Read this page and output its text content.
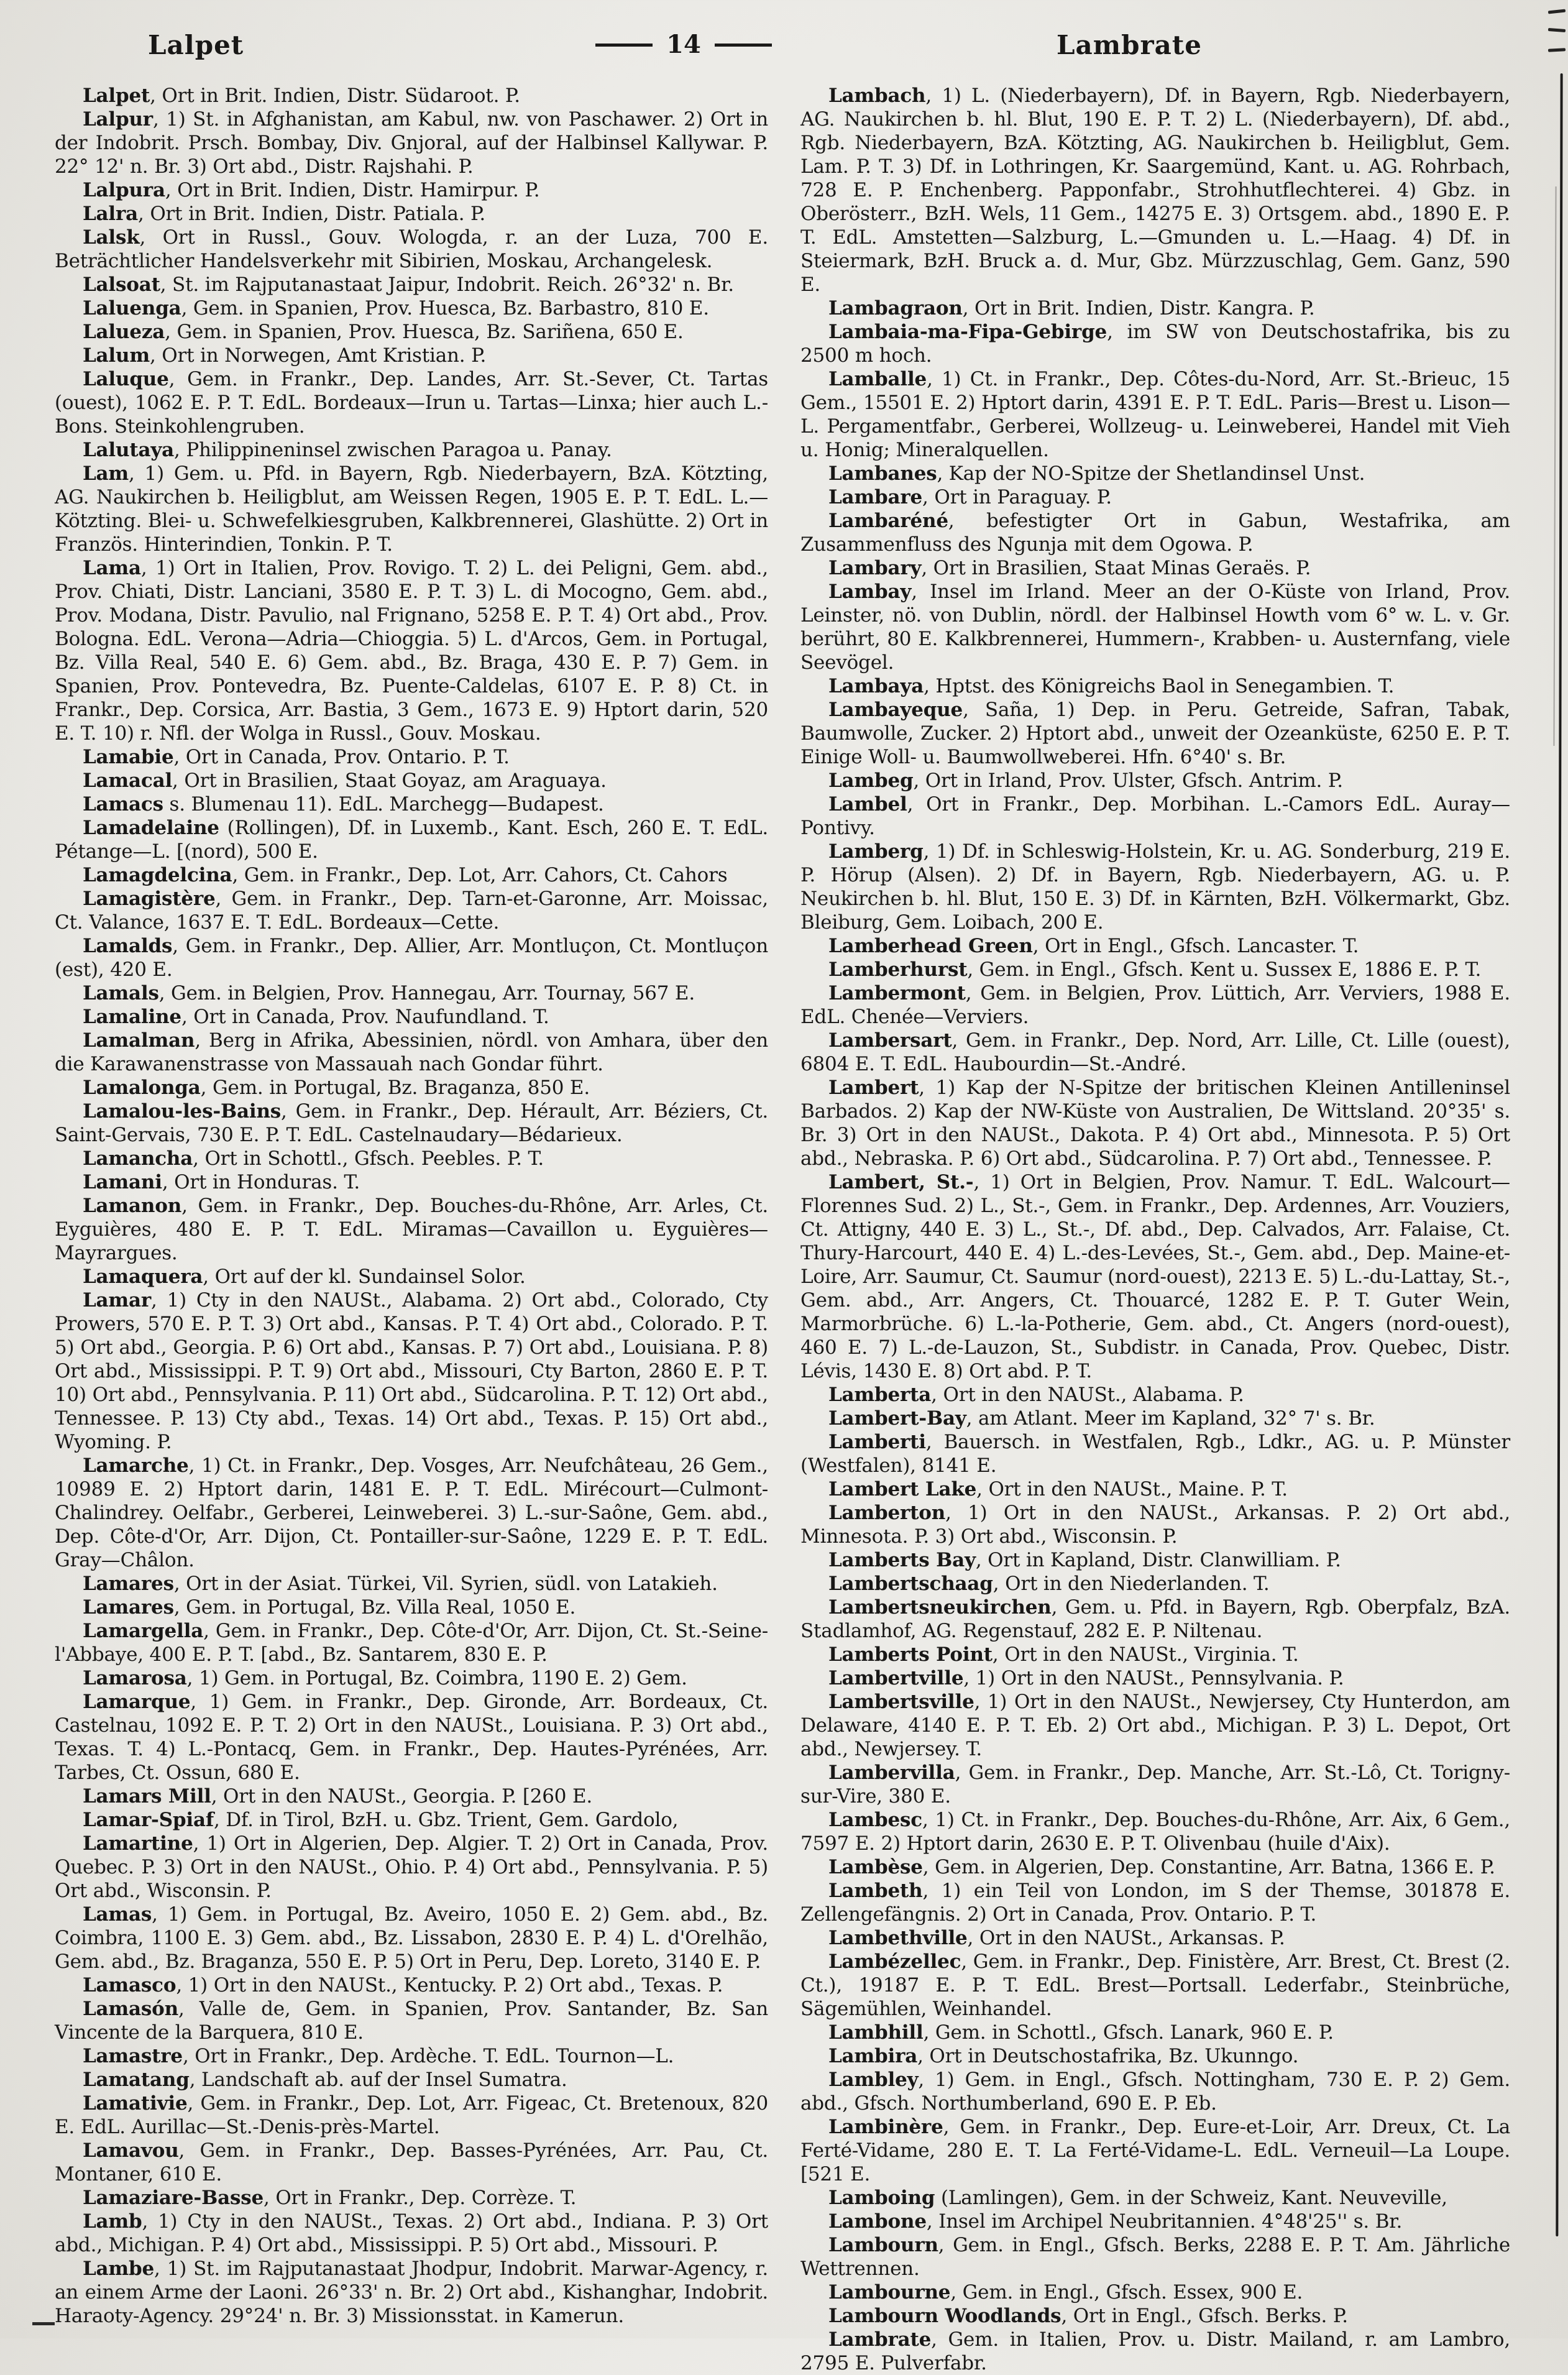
Lalpet	14	Lambrate

Lalpet, Ort in Brit. Indien, Distr. Südaroot. P.

Lalpur, 1) St. in Afghanistan, am Kabul, nw. von Paschawer. 2) Ort in der Indobrit. Prsch. Bombay, Div. Gnjoral, auf der Halbinsel Kallywar. P. 22° 12' n. Br. 3) Ort abd., Distr. Rajshahi. P.

Lalpura, Ort in Brit. Indien, Distr. Hamirpur. P.

Lalra, Ort in Brit. Indien, Distr. Patiala. P.

Lalsk, Ort in Russl., Gouv. Wologda, r. an der Luza, 700 E. Beträchtlicher Handelsverkehr mit Sibirien, Moskau, Archangelesk.

Lalsoat, St. im Rajputanastaat Jaipur, Indobrit. Reich. 26°32' n. Br.

Laluenga, Gem. in Spanien, Prov. Huesca, Bz. Barbastro, 810 E.

Lalueza, Gem. in Spanien, Prov. Huesca, Bz. Sariñena, 650 E.

Lalum, Ort in Norwegen, Amt Kristian. P.

Laluque, Gem. in Frankr., Dep. Landes, Arr. St.-Sever, Ct. Tartas (ouest), 1062 E. P. T. EdL. Bordeaux—Irun u. Tartas—Linxa; hier auch L.-Bons. Steinkohlengruben.

Lalutaya, Philippineninsel zwischen Paragoa u. Panay.

Lam, 1) Gem. u. Pfd. in Bayern, Rgb. Niederbayern, BzA. Kötzting, AG. Naukirchen b. Heiligblut, am Weissen Regen, 1905 E. P. T. EdL. L.—Kötzting. Blei- u. Schwefelkiesgruben, Kalkbrennerei, Glashütte. 2) Ort in Französ. Hinterindien, Tonkin. P. T.

Lama, 1) Ort in Italien, Prov. Rovigo. T. 2) L. dei Peligni, Gem. abd., Prov. Chiati, Distr. Lanciani, 3580 E. P. T. 3) L. di Mocogno, Gem. abd., Prov. Modana, Distr. Pavulio, nal Frignano, 5258 E. P. T. 4) Ort abd., Prov. Bologna. EdL. Verona—Adria—Chioggia. 5) L. d'Arcos, Gem. in Portugal, Bz. Villa Real, 540 E. 6) Gem. abd., Bz. Braga, 430 E. P. 7) Gem. in Spanien, Prov. Pontevedra, Bz. Puente-Caldelas, 6107 E. P. 8) Ct. in Frankr., Dep. Corsica, Arr. Bastia, 3 Gem., 1673 E. 9) Hptort darin, 520 E. T. 10) r. Nfl. der Wolga in Russl., Gouv. Moskau.

Lamabie, Ort in Canada, Prov. Ontario. P. T.

Lamacal, Ort in Brasilien, Staat Goyaz, am Araguaya.

Lamacs s. Blumenau 11). EdL. Marchegg—Budapest.

Lamadelaine (Rollingen), Df. in Luxemb., Kant. Esch, 260 E. T. EdL. Pétange—L. [(nord), 500 E.

Lamagdelcina, Gem. in Frankr., Dep. Lot, Arr. Cahors, Ct. Cahors

Lamagistère, Gem. in Frankr., Dep. Tarn-et-Garonne, Arr. Moissac, Ct. Valance, 1637 E. T. EdL. Bordeaux—Cette.

Lamalds, Gem. in Frankr., Dep. Allier, Arr. Montluçon, Ct. Montluçon (est), 420 E.

Lamals, Gem. in Belgien, Prov. Hannegau, Arr. Tournay, 567 E.

Lamaline, Ort in Canada, Prov. Naufundland. T.

Lamalman, Berg in Afrika, Abessinien, nördl. von Amhara, über den die Karawanenstrasse von Massauah nach Gondar führt.

Lamalonga, Gem. in Portugal, Bz. Braganza, 850 E.

Lamalou-les-Bains, Gem. in Frankr., Dep. Hérault, Arr. Béziers, Ct. Saint-Gervais, 730 E. P. T. EdL. Castelnaudary—Bédarieux.

Lamancha, Ort in Schottl., Gfsch. Peebles. P. T.

Lamani, Ort in Honduras. T.

Lamanon, Gem. in Frankr., Dep. Bouches-du-Rhône, Arr. Arles, Ct. Eyguières, 480 E. P. T. EdL. Miramas—Cavaillon u. Eyguières—Mayrargues.

Lamaquera, Ort auf der kl. Sundainsel Solor.

Lamar, 1) Cty in den NAUSt., Alabama. 2) Ort abd., Colorado, Cty Prowers, 570 E. P. T. 3) Ort abd., Kansas. P. T. 4) Ort abd., Colorado. P. T. 5) Ort abd., Georgia. P. 6) Ort abd., Kansas. P. 7) Ort abd., Louisiana. P. 8) Ort abd., Mississippi. P. T. 9) Ort abd., Missouri, Cty Barton, 2860 E. P. T. 10) Ort abd., Pennsylvania. P. 11) Ort abd., Südcarolina. P. T. 12) Ort abd., Tennessee. P. 13) Cty abd., Texas. 14) Ort abd., Texas. P. 15) Ort abd., Wyoming. P.

Lamarche, 1) Ct. in Frankr., Dep. Vosges, Arr. Neufchâteau, 26 Gem., 10989 E. 2) Hptort darin, 1481 E. P. T. EdL. Mirécourt—Culmont-Chalindrey. Oelfabr., Gerberei, Leinweberei. 3) L.-sur-Saône, Gem. abd., Dep. Côte-d'Or, Arr. Dijon, Ct. Pontailler-sur-Saône, 1229 E. P. T. EdL. Gray—Châlon.

Lamares, Ort in der Asiat. Türkei, Vil. Syrien, südl. von Latakieh.

Lamares, Gem. in Portugal, Bz. Villa Real, 1050 E.

Lamargella, Gem. in Frankr., Dep. Côte-d'Or, Arr. Dijon, Ct. St.-Seine-l'Abbaye, 400 E. P. T. [abd., Bz. Santarem, 830 E. P.

Lamarosa, 1) Gem. in Portugal, Bz. Coimbra, 1190 E. 2) Gem.

Lamarque, 1) Gem. in Frankr., Dep. Gironde, Arr. Bordeaux, Ct. Castelnau, 1092 E. P. T. 2) Ort in den NAUSt., Louisiana. P. 3) Ort abd., Texas. T. 4) L.-Pontacq, Gem. in Frankr., Dep. Hautes-Pyrénées, Arr. Tarbes, Ct. Ossun, 680 E.

Lamars Mill, Ort in den NAUSt., Georgia. P. [260 E.

Lamar-Spiaf, Df. in Tirol, BzH. u. Gbz. Trient, Gem. Gardolo,

Lamartine, 1) Ort in Algerien, Dep. Algier. T. 2) Ort in Canada, Prov. Quebec. P. 3) Ort in den NAUSt., Ohio. P. 4) Ort abd., Pennsylvania. P. 5) Ort abd., Wisconsin. P.

Lamas, 1) Gem. in Portugal, Bz. Aveiro, 1050 E. 2) Gem. abd., Bz. Coimbra, 1100 E. 3) Gem. abd., Bz. Lissabon, 2830 E. P. 4) L. d'Orelhão, Gem. abd., Bz. Braganza, 550 E. P. 5) Ort in Peru, Dep. Loreto, 3140 E. P.

Lamasco, 1) Ort in den NAUSt., Kentucky. P. 2) Ort abd., Texas. P.

Lamasón, Valle de, Gem. in Spanien, Prov. Santander, Bz. San Vincente de la Barquera, 810 E.

Lamastre, Ort in Frankr., Dep. Ardèche. T. EdL. Tournon—L.

Lamatang, Landschaft ab. auf der Insel Sumatra.

Lamativie, Gem. in Frankr., Dep. Lot, Arr. Figeac, Ct. Bretenoux, 820 E. EdL. Aurillac—St.-Denis-près-Martel.

Lamavou, Gem. in Frankr., Dep. Basses-Pyrénées, Arr. Pau, Ct. Montaner, 610 E.

Lamaziare-Basse, Ort in Frankr., Dep. Corrèze. T.

Lamb, 1) Cty in den NAUSt., Texas. 2) Ort abd., Indiana. P. 3) Ort abd., Michigan. P. 4) Ort abd., Mississippi. P. 5) Ort abd., Missouri. P.

Lambe, 1) St. im Rajputanastaat Jhodpur, Indobrit. Marwar-Agency, r. an einem Arme der Laoni. 26°33' n. Br. 2) Ort abd., Kishanghar, Indobrit. Haraoty-Agency. 29°24' n. Br. 3) Missionsstat. in Kamerun.

Lambach, 1) L. (Niederbayern), Df. in Bayern, Rgb. Niederbayern, AG. Naukirchen b. hl. Blut, 190 E. P. T. 2) L. (Niederbayern), Df. abd., Rgb. Niederbayern, BzA. Kötzting, AG. Naukirchen b. Heiligblut, Gem. Lam. P. T. 3) Df. in Lothringen, Kr. Saargemünd, Kant. u. AG. Rohrbach, 728 E. P. Enchenberg. Papponfabr., Strohhutflechterei. 4) Gbz. in Oberösterr., BzH. Wels, 11 Gem., 14275 E. 3) Ortsgem. abd., 1890 E. P. T. EdL. Amstetten—Salzburg, L.—Gmunden u. L.—Haag. 4) Df. in Steiermark, BzH. Bruck a. d. Mur, Gbz. Mürzzuschlag, Gem. Ganz, 590 E.

Lambagraon, Ort in Brit. Indien, Distr. Kangra. P.

Lambaia-ma-Fipa-Gebirge, im SW von Deutschostafrika, bis zu 2500 m hoch.

Lamballe, 1) Ct. in Frankr., Dep. Côtes-du-Nord, Arr. St.-Brieuc, 15 Gem., 15501 E. 2) Hptort darin, 4391 E. P. T. EdL. Paris—Brest u. Lison—L. Pergamentfabr., Gerberei, Wollzeug- u. Leinweberei, Handel mit Vieh u. Honig; Mineralquellen.

Lambanes, Kap der NO-Spitze der Shetlandinsel Unst.

Lambare, Ort in Paraguay. P.

Lambaréné, befestigter Ort in Gabun, Westafrika, am Zusammenfluss des Ngunja mit dem Ogowa. P.

Lambary, Ort in Brasilien, Staat Minas Geraës. P.

Lambay, Insel im Irland. Meer an der O-Küste von Irland, Prov. Leinster, nö. von Dublin, nördl. der Halbinsel Howth vom 6° w. L. v. Gr. berührt, 80 E. Kalkbrennerei, Hummern-, Krabben- u. Austernfang, viele Seevögel.

Lambaya, Hptst. des Königreichs Baol in Senegambien. T.

Lambayeque, Saña, 1) Dep. in Peru. Getreide, Safran, Tabak, Baumwolle, Zucker. 2) Hptort abd., unweit der Ozeanküste, 6250 E. P. T. Einige Woll- u. Baumwollweberei. Hfn. 6°40' s. Br.

Lambeg, Ort in Irland, Prov. Ulster, Gfsch. Antrim. P.

Lambel, Ort in Frankr., Dep. Morbihan. L.-Camors EdL. Auray—Pontivy.

Lamberg, 1) Df. in Schleswig-Holstein, Kr. u. AG. Sonderburg, 219 E. P. Hörup (Alsen). 2) Df. in Bayern, Rgb. Niederbayern, AG. u. P. Neukirchen b. hl. Blut, 150 E. 3) Df. in Kärnten, BzH. Völkermarkt, Gbz. Bleiburg, Gem. Loibach, 200 E.

Lamberhead Green, Ort in Engl., Gfsch. Lancaster. T.

Lamberhurst, Gem. in Engl., Gfsch. Kent u. Sussex E, 1886 E. P. T.

Lambermont, Gem. in Belgien, Prov. Lüttich, Arr. Verviers, 1988 E. EdL. Chenée—Verviers.

Lambersart, Gem. in Frankr., Dep. Nord, Arr. Lille, Ct. Lille (ouest), 6804 E. T. EdL. Haubourdin—St.-André.

Lambert, 1) Kap der N-Spitze der britischen Kleinen Antilleninsel Barbados. 2) Kap der NW-Küste von Australien, De Wittsland. 20°35' s. Br. 3) Ort in den NAUSt., Dakota. P. 4) Ort abd., Minnesota. P. 5) Ort abd., Nebraska. P. 6) Ort abd., Südcarolina. P. 7) Ort abd., Tennessee. P.

Lambert, St.-, 1) Ort in Belgien, Prov. Namur. T. EdL. Walcourt—Florennes Sud. 2) L., St.-, Gem. in Frankr., Dep. Ardennes, Arr. Vouziers, Ct. Attigny, 440 E. 3) L., St.-, Df. abd., Dep. Calvados, Arr. Falaise, Ct. Thury-Harcourt, 440 E. 4) L.-des-Levées, St.-, Gem. abd., Dep. Maine-et-Loire, Arr. Saumur, Ct. Saumur (nord-ouest), 2213 E. 5) L.-du-Lattay, St.-, Gem. abd., Arr. Angers, Ct. Thouarcé, 1282 E. P. T. Guter Wein, Marmorbrüche. 6) L.-la-Potherie, Gem. abd., Ct. Angers (nord-ouest), 460 E. 7) L.-de-Lauzon, St., Subdistr. in Canada, Prov. Quebec, Distr. Lévis, 1430 E. 8) Ort abd. P. T.

Lamberta, Ort in den NAUSt., Alabama. P.

Lambert-Bay, am Atlant. Meer im Kapland, 32° 7' s. Br.

Lamberti, Bauersch. in Westfalen, Rgb., Ldkr., AG. u. P. Münster (Westfalen), 8141 E.

Lambert Lake, Ort in den NAUSt., Maine. P. T.

Lamberton, 1) Ort in den NAUSt., Arkansas. P. 2) Ort abd., Minnesota. P. 3) Ort abd., Wisconsin. P.

Lamberts Bay, Ort in Kapland, Distr. Clanwilliam. P.

Lambertschaag, Ort in den Niederlanden. T.

Lambertsneukirchen, Gem. u. Pfd. in Bayern, Rgb. Oberpfalz, BzA. Stadlamhof, AG. Regenstauf, 282 E. P. Niltenau.

Lamberts Point, Ort in den NAUSt., Virginia. T.

Lambertville, 1) Ort in den NAUSt., Pennsylvania. P.

Lambertsville, 1) Ort in den NAUSt., Newjersey, Cty Hunterdon, am Delaware, 4140 E. P. T. Eb. 2) Ort abd., Michigan. P. 3) L. Depot, Ort abd., Newjersey. T.

Lambervilla, Gem. in Frankr., Dep. Manche, Arr. St.-Lô, Ct. Torigny-sur-Vire, 380 E.

Lambesc, 1) Ct. in Frankr., Dep. Bouches-du-Rhône, Arr. Aix, 6 Gem., 7597 E. 2) Hptort darin, 2630 E. P. T. Olivenbau (huile d'Aix).

Lambèse, Gem. in Algerien, Dep. Constantine, Arr. Batna, 1366 E. P.

Lambeth, 1) ein Teil von London, im S der Themse, 301878 E. Zellengefängnis. 2) Ort in Canada, Prov. Ontario. P. T.

Lambethville, Ort in den NAUSt., Arkansas. P.

Lambézellec, Gem. in Frankr., Dep. Finistère, Arr. Brest, Ct. Brest (2. Ct.), 19187 E. P. T. EdL. Brest—Portsall. Lederfabr., Steinbrüche, Sägemühlen, Weinhandel.

Lambhill, Gem. in Schottl., Gfsch. Lanark, 960 E. P.

Lambira, Ort in Deutschostafrika, Bz. Ukunngo.

Lambley, 1) Gem. in Engl., Gfsch. Nottingham, 730 E. P. 2) Gem. abd., Gfsch. Northumberland, 690 E. P. Eb.

Lambinère, Gem. in Frankr., Dep. Eure-et-Loir, Arr. Dreux, Ct. La Ferté-Vidame, 280 E. T. La Ferté-Vidame-L. EdL. Verneuil—La Loupe. [521 E.

Lamboing (Lamlingen), Gem. in der Schweiz, Kant. Neuveville,

Lambone, Insel im Archipel Neubritannien. 4°48'25'' s. Br.

Lambourn, Gem. in Engl., Gfsch. Berks, 2288 E. P. T. Am. Jährliche Wettrennen.

Lambourne, Gem. in Engl., Gfsch. Essex, 900 E.

Lambourn Woodlands, Ort in Engl., Gfsch. Berks. P.

Lambrate, Gem. in Italien, Prov. u. Distr. Mailand, r. am Lambro, 2795 E. Pulverfabr.
